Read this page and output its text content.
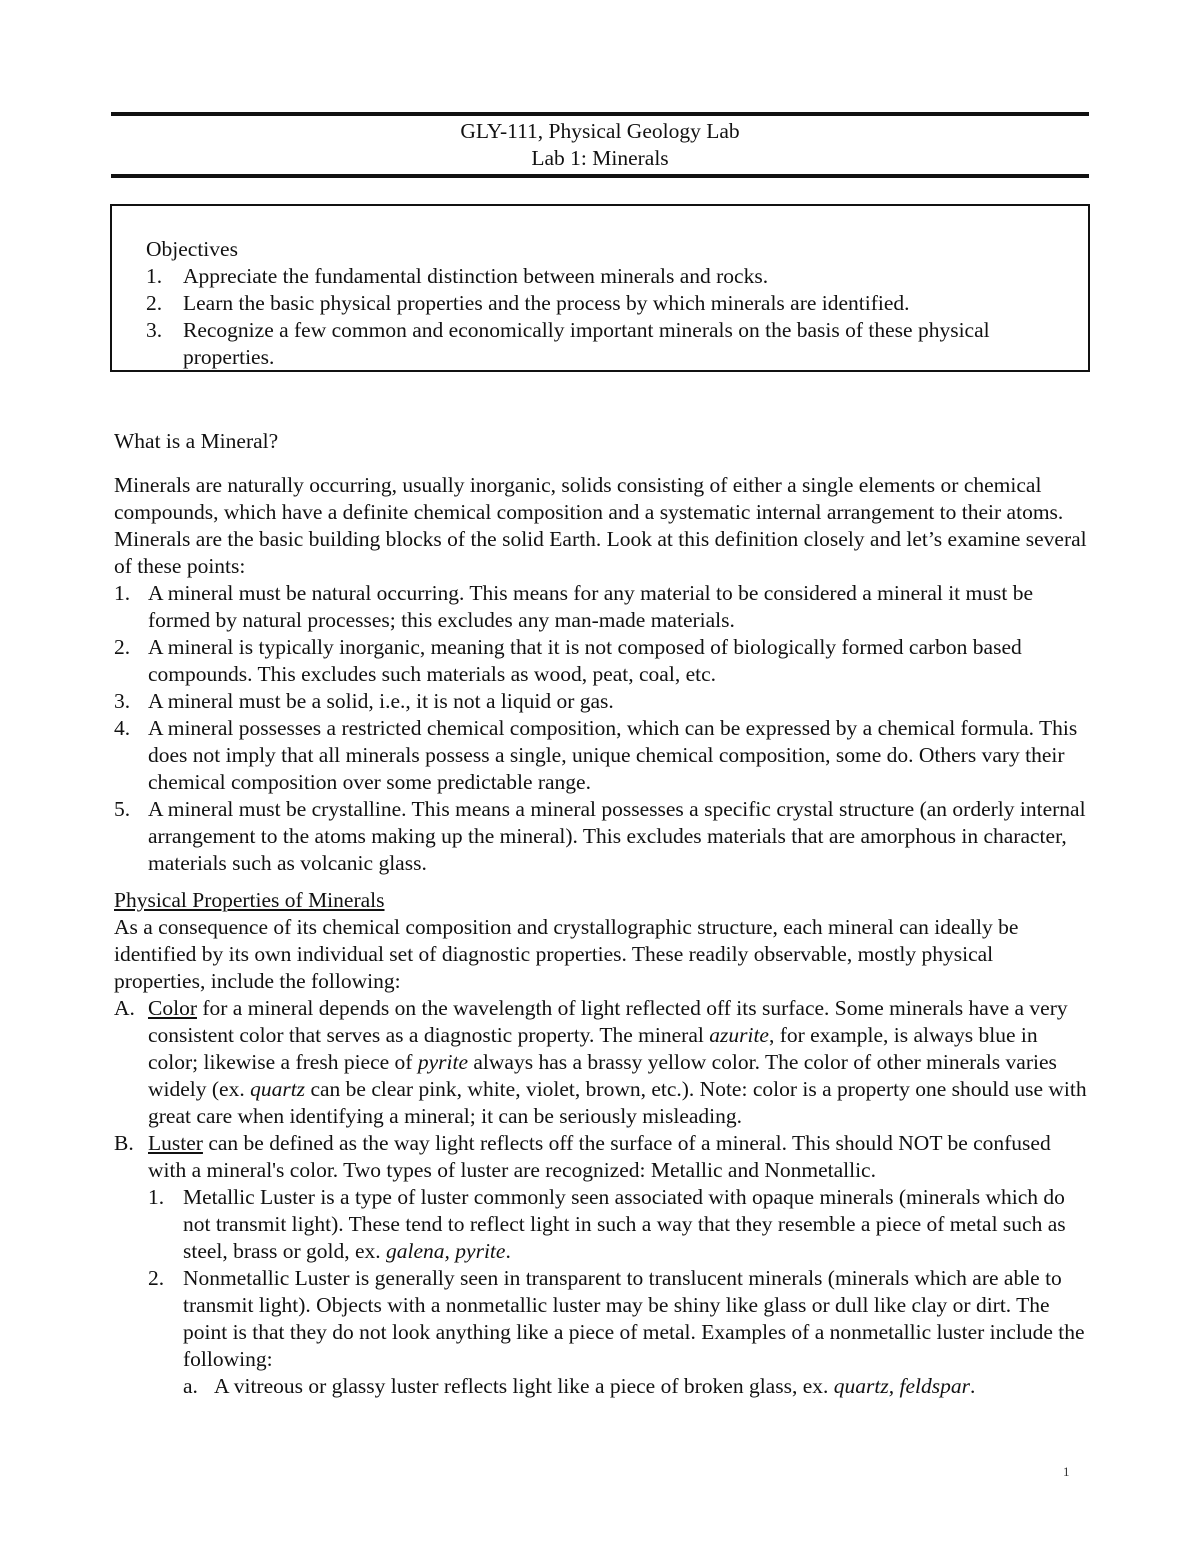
GLY-111, Physical Geology Lab
Lab 1: Minerals
Objectives
1. Appreciate the fundamental distinction between minerals and rocks.
2. Learn the basic physical properties and the process by which minerals are identified.
3. Recognize a few common and economically important minerals on the basis of these physical properties.

What is a Mineral?

Minerals are naturally occurring, usually inorganic, solids consisting of either a single elements or chemical compounds, which have a definite chemical composition and a systematic internal arrangement to their atoms. Minerals are the basic building blocks of the solid Earth. Look at this definition closely and let’s examine several of these points:

1. A mineral must be natural occurring. This means for any material to be considered a mineral it must be formed by natural processes; this excludes any man-made materials.
2. A mineral is typically inorganic, meaning that it is not composed of biologically formed carbon based compounds. This excludes such materials as wood, peat, coal, etc.
3. A mineral must be a solid, i.e., it is not a liquid or gas.
4. A mineral possesses a restricted chemical composition, which can be expressed by a chemical formula. This does not imply that all minerals possess a single, unique chemical composition, some do. Others vary their chemical composition over some predictable range.
5. A mineral must be crystalline. This means a mineral possesses a specific crystal structure (an orderly internal arrangement to the atoms making up the mineral). This excludes materials that are amorphous in character, materials such as volcanic glass.

Physical Properties of Minerals

As a consequence of its chemical composition and crystallographic structure, each mineral can ideally be identified by its own individual set of diagnostic properties. These readily observable, mostly physical properties, include the following:

A. Color for a mineral depends on the wavelength of light reflected off its surface. Some minerals have a very consistent color that serves as a diagnostic property. The mineral azurite, for example, is always blue in color; likewise a fresh piece of pyrite always has a brassy yellow color. The color of other minerals varies widely (ex. quartz can be clear pink, white, violet, brown, etc.). Note: color is a property one should use with great care when identifying a mineral; it can be seriously misleading.
B. Luster can be defined as the way light reflects off the surface of a mineral. This should NOT be confused with a mineral's color. Two types of luster are recognized: Metallic and Nonmetallic.
1. Metallic Luster is a type of luster commonly seen associated with opaque minerals (minerals which do not transmit light). These tend to reflect light in such a way that they resemble a piece of metal such as steel, brass or gold, ex. galena, pyrite.
2. Nonmetallic Luster is generally seen in transparent to translucent minerals (minerals which are able to transmit light). Objects with a nonmetallic luster may be shiny like glass or dull like clay or dirt. The point is that they do not look anything like a piece of metal. Examples of a nonmetallic luster include the following:
a. A vitreous or glassy luster reflects light like a piece of broken glass, ex. quartz, feldspar.
1
